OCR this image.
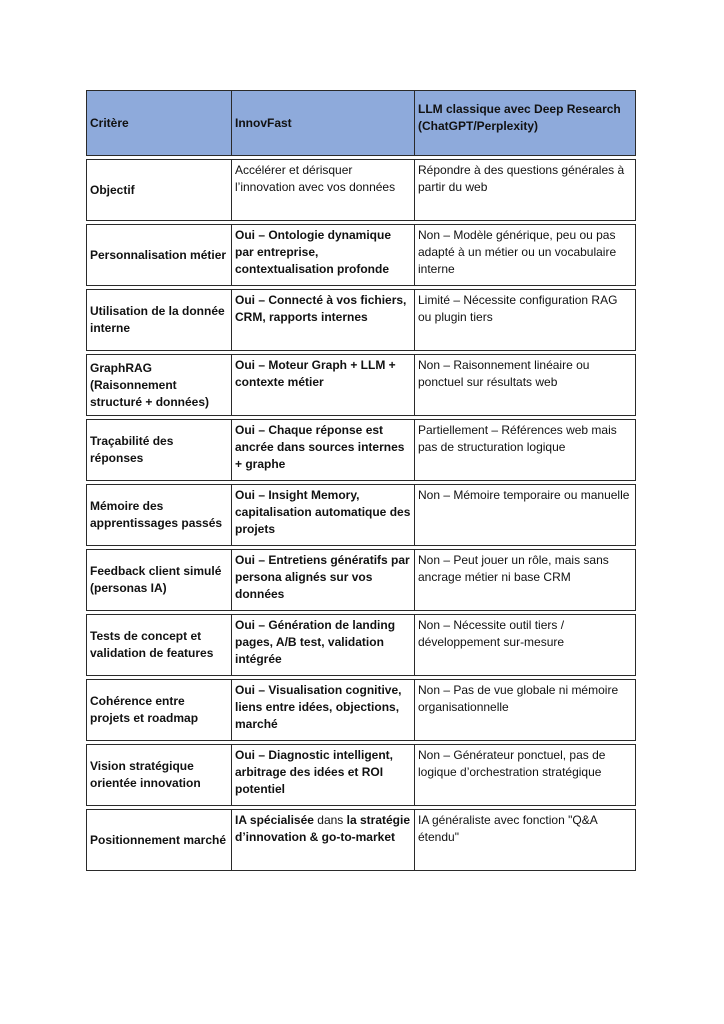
Critère	InnovFast	LLM classique avec Deep Research (ChatGPT/Perplexity)
Objectif	Accélérer et dérisquer l’innovation avec vos données	Répondre à des questions générales à partir du web
Personnalisation métier	Oui – Ontologie dynamique par entreprise, contextualisation profonde	Non – Modèle générique, peu ou pas adapté à un métier ou un vocabulaire interne
Utilisation de la donnée interne	Oui – Connecté à vos fichiers, CRM, rapports internes	Limité – Nécessite configuration RAG ou plugin tiers
GraphRAG (Raisonnement structuré + données)	Oui – Moteur Graph + LLM + contexte métier	Non – Raisonnement linéaire ou ponctuel sur résultats web
Traçabilité des réponses	Oui – Chaque réponse est ancrée dans sources internes + graphe	Partiellement – Références web mais pas de structuration logique
Mémoire des apprentissages passés	Oui – Insight Memory, capitalisation automatique des projets	Non – Mémoire temporaire ou manuelle
Feedback client simulé (personas IA)	Oui – Entretiens génératifs par persona alignés sur vos données	Non – Peut jouer un rôle, mais sans ancrage métier ni base CRM
Tests de concept et validation de features	Oui – Génération de landing pages, A/B test, validation intégrée	Non – Nécessite outil tiers / développement sur-mesure
Cohérence entre projets et roadmap	Oui – Visualisation cognitive, liens entre idées, objections, marché	Non – Pas de vue globale ni mémoire organisationnelle
Vision stratégique orientée innovation	Oui – Diagnostic intelligent, arbitrage des idées et ROI potentiel	Non – Générateur ponctuel, pas de logique d’orchestration stratégique
Positionnement marché	IA spécialisée dans la stratégie d’innovation & go-to-market	IA généraliste avec fonction "Q&A étendu"
